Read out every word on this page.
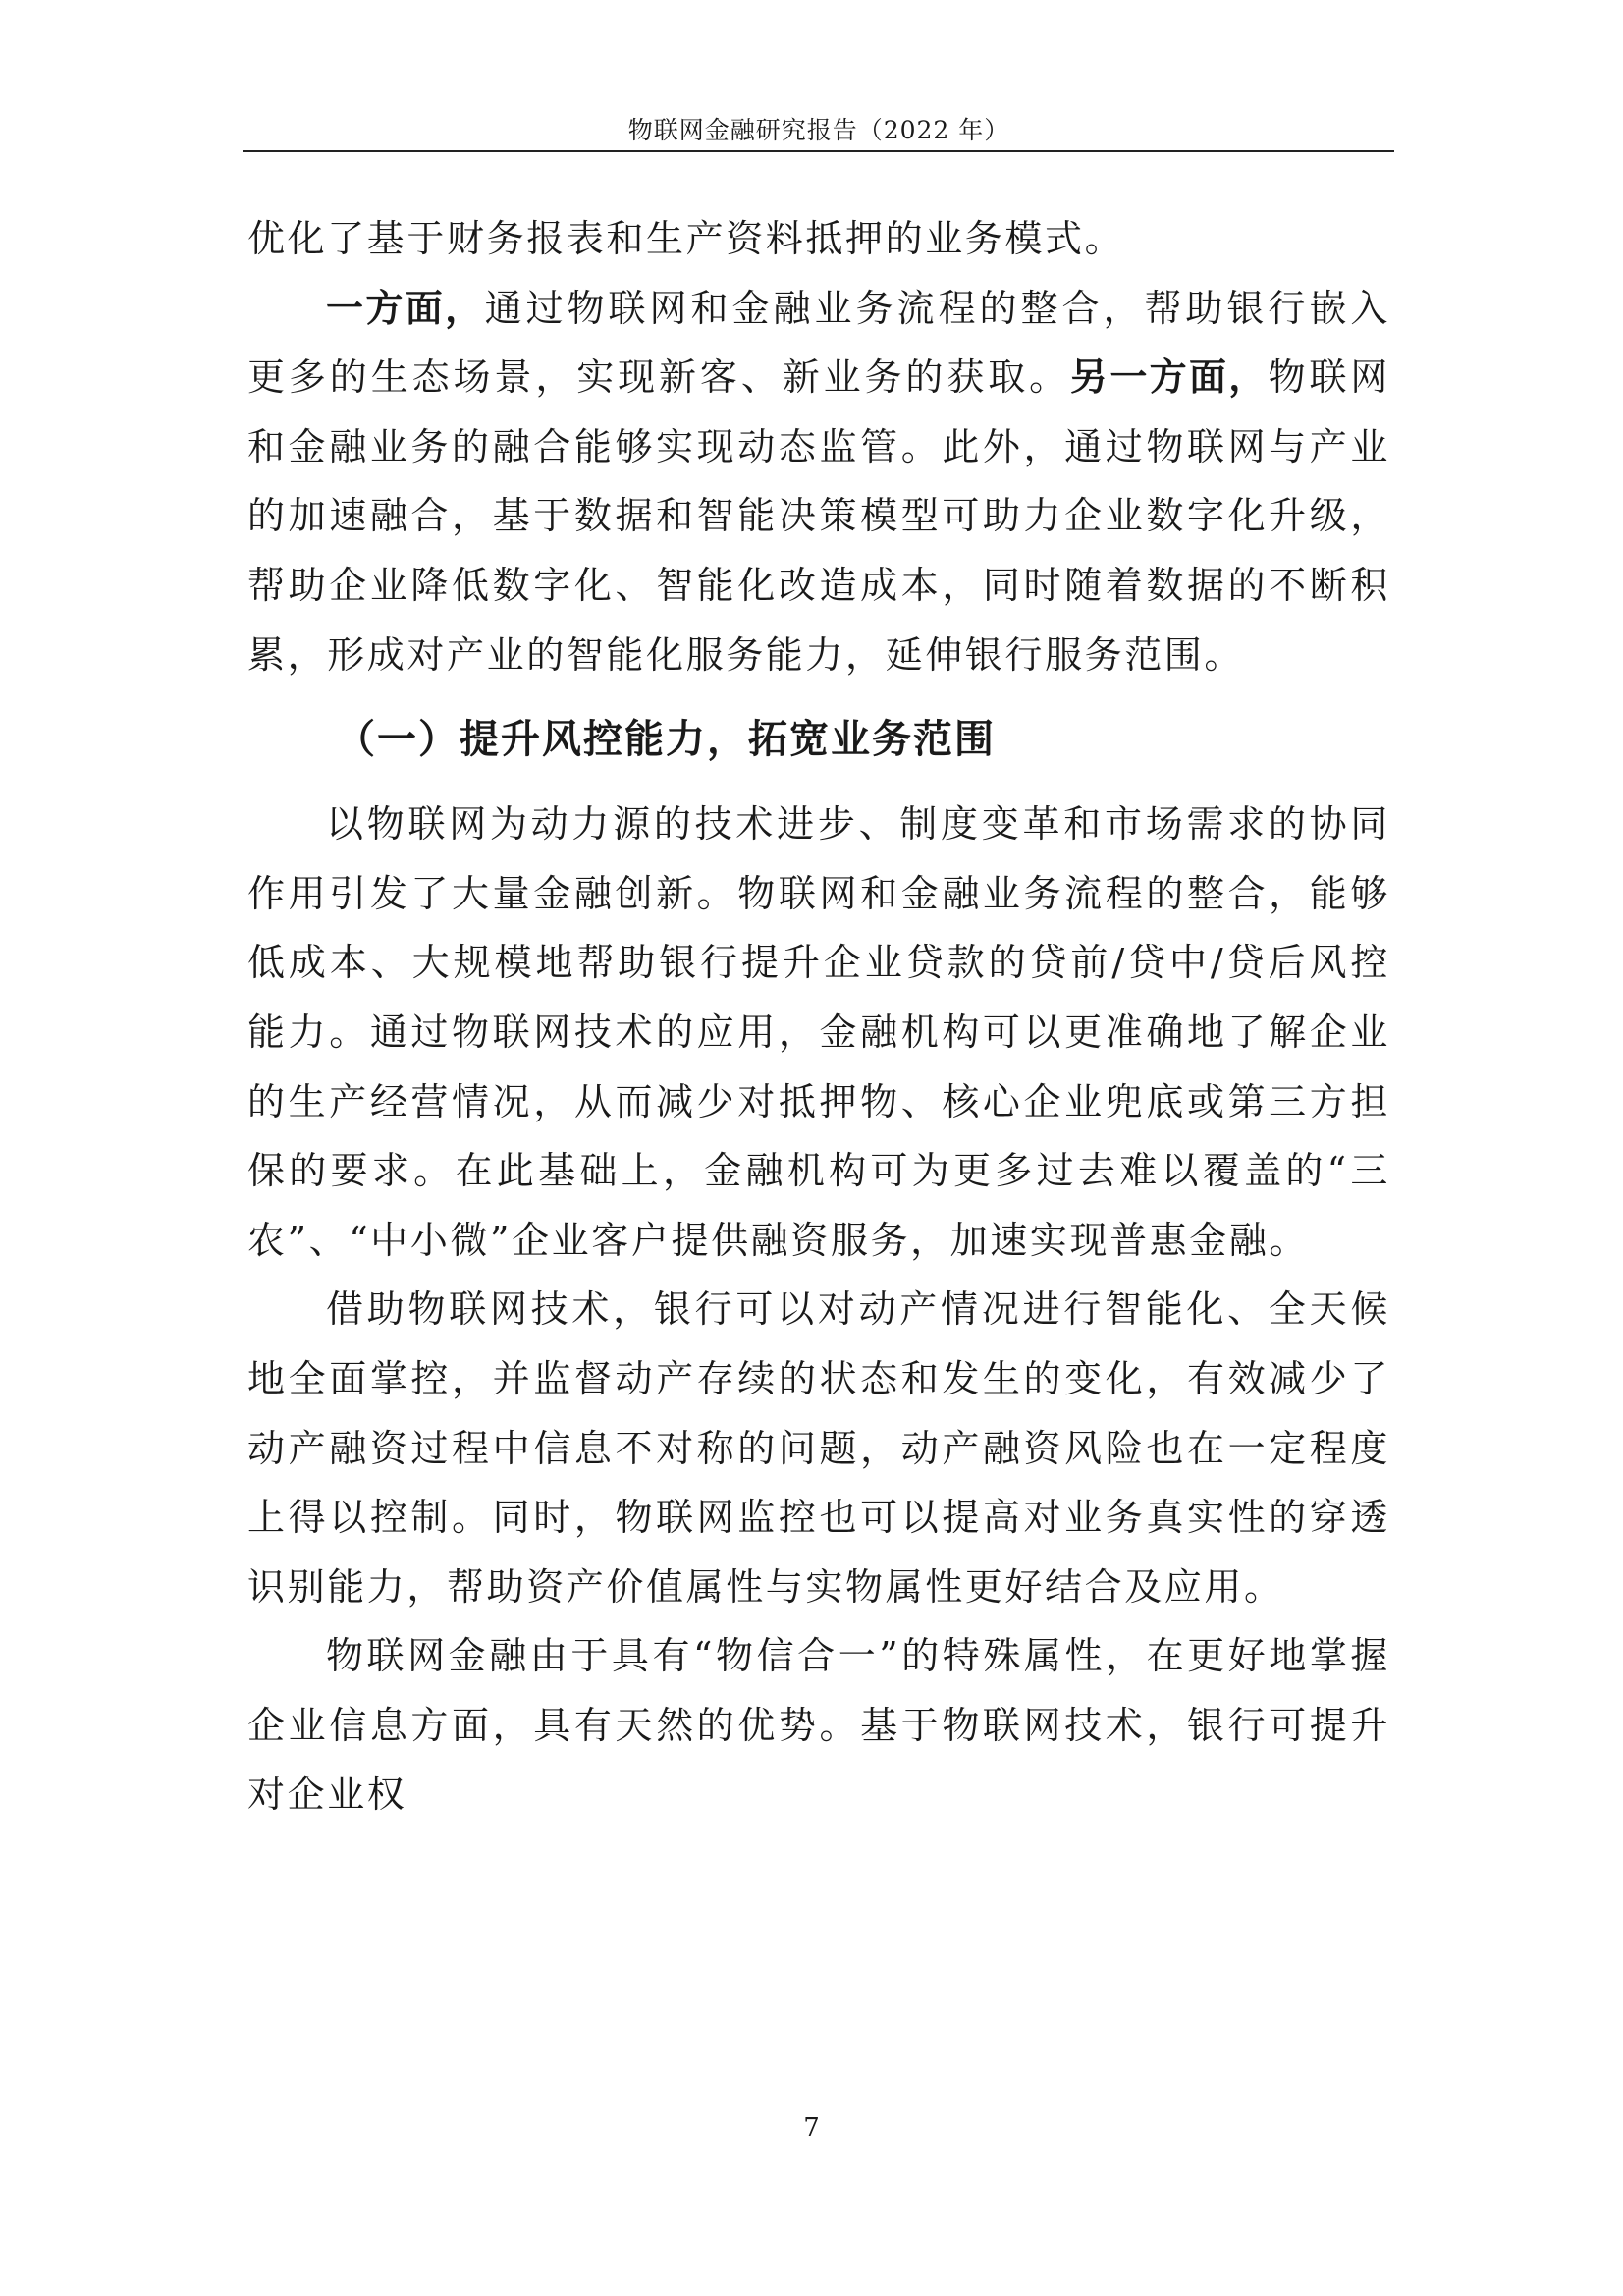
物联网金融研究报告（2022 年）

优化了基于财务报表和生产资料抵押的业务模式。

一方面，通过物联网和金融业务流程的整合，帮助银行嵌入更多的生态场景，实现新客、新业务的获取。另一方面，物联网和金融业务的融合能够实现动态监管。此外，通过物联网与产业的加速融合，基于数据和智能决策模型可助力企业数字化升级，帮助企业降低数字化、智能化改造成本，同时随着数据的不断积累，形成对产业的智能化服务能力，延伸银行服务范围。

（一）提升风控能力，拓宽业务范围

以物联网为动力源的技术进步、制度变革和市场需求的协同作用引发了大量金融创新。物联网和金融业务流程的整合，能够低成本、大规模地帮助银行提升企业贷款的贷前/贷中/贷后风控能力。通过物联网技术的应用，金融机构可以更准确地了解企业的生产经营情况，从而减少对抵押物、核心企业兜底或第三方担保的要求。在此基础上，金融机构可为更多过去难以覆盖的“三农”、“中小微”企业客户提供融资服务，加速实现普惠金融。

借助物联网技术，银行可以对动产情况进行智能化、全天候地全面掌控，并监督动产存续的状态和发生的变化，有效减少了动产融资过程中信息不对称的问题，动产融资风险也在一定程度上得以控制。同时，物联网监控也可以提高对业务真实性的穿透识别能力，帮助资产价值属性与实物属性更好结合及应用。

物联网金融由于具有“物信合一”的特殊属性，在更好地掌握企业信息方面，具有天然的优势。基于物联网技术，银行可提升对企业权

7
